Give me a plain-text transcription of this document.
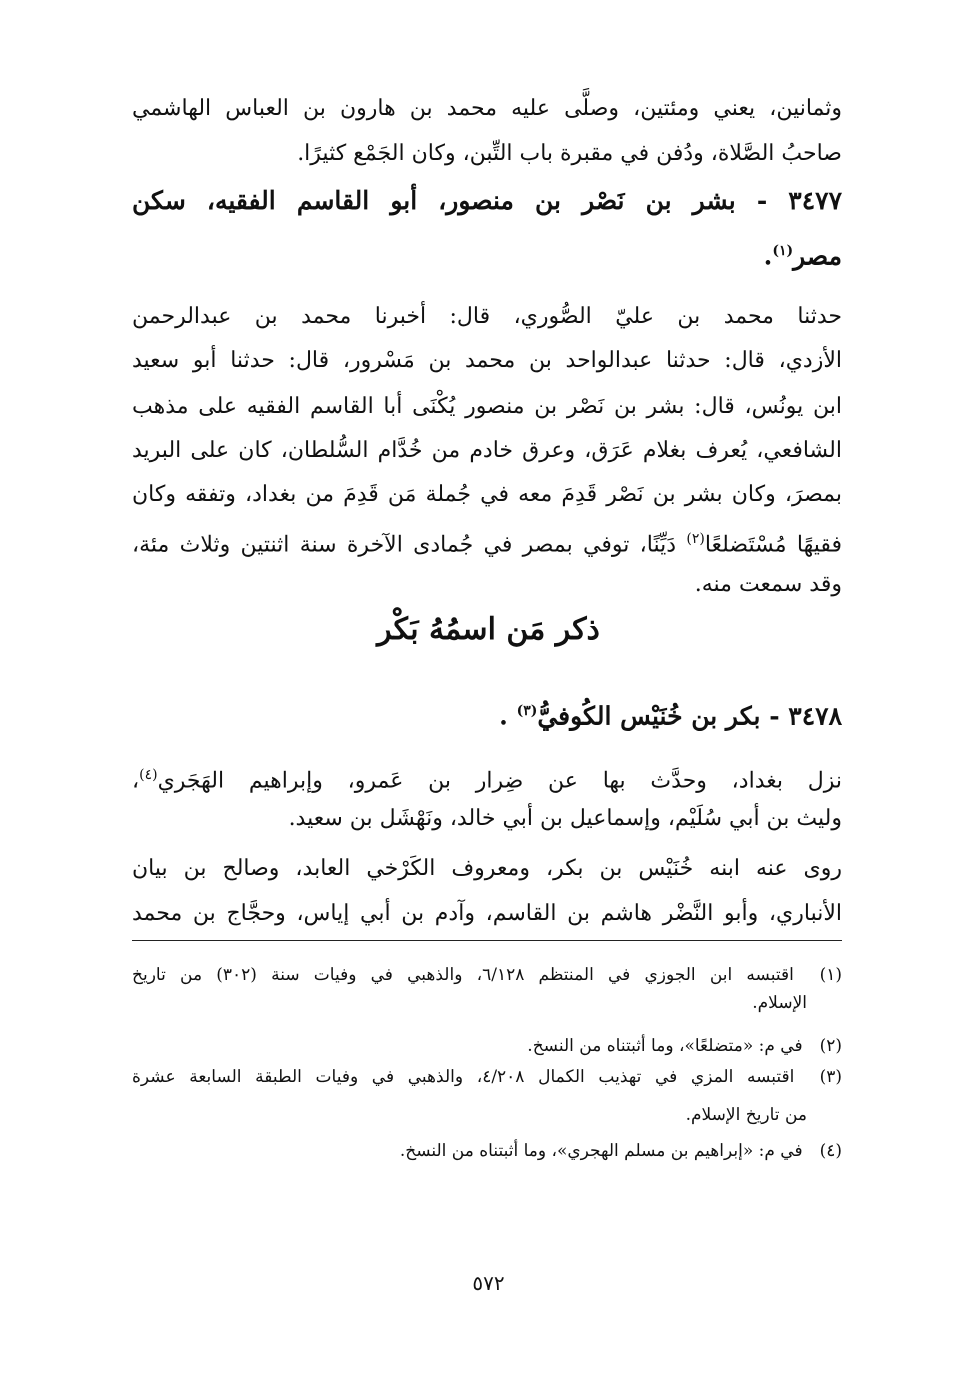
وثمانين، يعني ومئتين، وصلَّى عليه محمد بن هارون بن العباس الهاشمي
صاحبُ الصَّلاة، ودُفن في مقبرة باب التِّبن، وكان الجَمْع كثيرًا.
٣٤٧٧ - بشر بن نَصْر بن منصور، أبو القاسم الفقيه، سكن
مصر$^{(١)}$.
حدثنا محمد بن عليّ الصُّوري، قال: أخبرنا محمد بن عبدالرحمن
الأزدي، قال: حدثنا عبدالواحد بن محمد بن مَسْرور، قال: حدثنا أبو سعيد
ابن يونُس، قال: بشر بن نَصْر بن منصور يُكْنَى أبا القاسم الفقيه على مذهب
الشافعي، يُعرف بغلام عَرَق، وعرق خادم من خُدَّام السُّلطان، كان على البريد
بمصرَ، وكان بشر بن نَصْر قَدِمَ معه في جُملة مَن قَدِمَ من بغداد، وتفقه وكان
فقيهًا مُسْتَضلعًا$^{(٢)}$ دَيِّنًا، توفي بمصر في جُمادى الآخرة سنة اثنتين وثلاث مئة،
وقد سمعت منه.
ذكر مَن اسمُهُ بَكْر
٣٤٧٨ - بكر بن خُنَيْس الكُوفيُّ$^{(٣)}$ .
نزل بغداد، وحدَّث بها عن ضِرار بن عَمرو، وإبراهيم الهَجَري$^{(٤)}$،
وليث بن أبي سُلَيْم، وإسماعيل بن أبي خالد، ونَهْشَل بن سعيد.
روى عنه ابنه خُنَيْس بن بكر، ومعروف الكَرْخي العابد، وصالح بن بيان
الأنباري، وأبو النَّضْر هاشم بن القاسم، وآدم بن أبي إياس، وحجَّاج بن محمد
(١) اقتبسه ابن الجوزي في المنتظم ٦/١٢٨، والذهبي في وفيات سنة (٣٠٢) من تاريخ
الإسلام.
(٢) في م: «متضلعًا»، وما أثبتناه من النسخ.
(٣) اقتبسه المزي في تهذيب الكمال ٤/٢٠٨، والذهبي في وفيات الطبقة السابعة عشرة
من تاريخ الإسلام.
(٤) في م: «إبراهيم بن مسلم الهجري»، وما أثبتناه من النسخ.
٥٧٢
